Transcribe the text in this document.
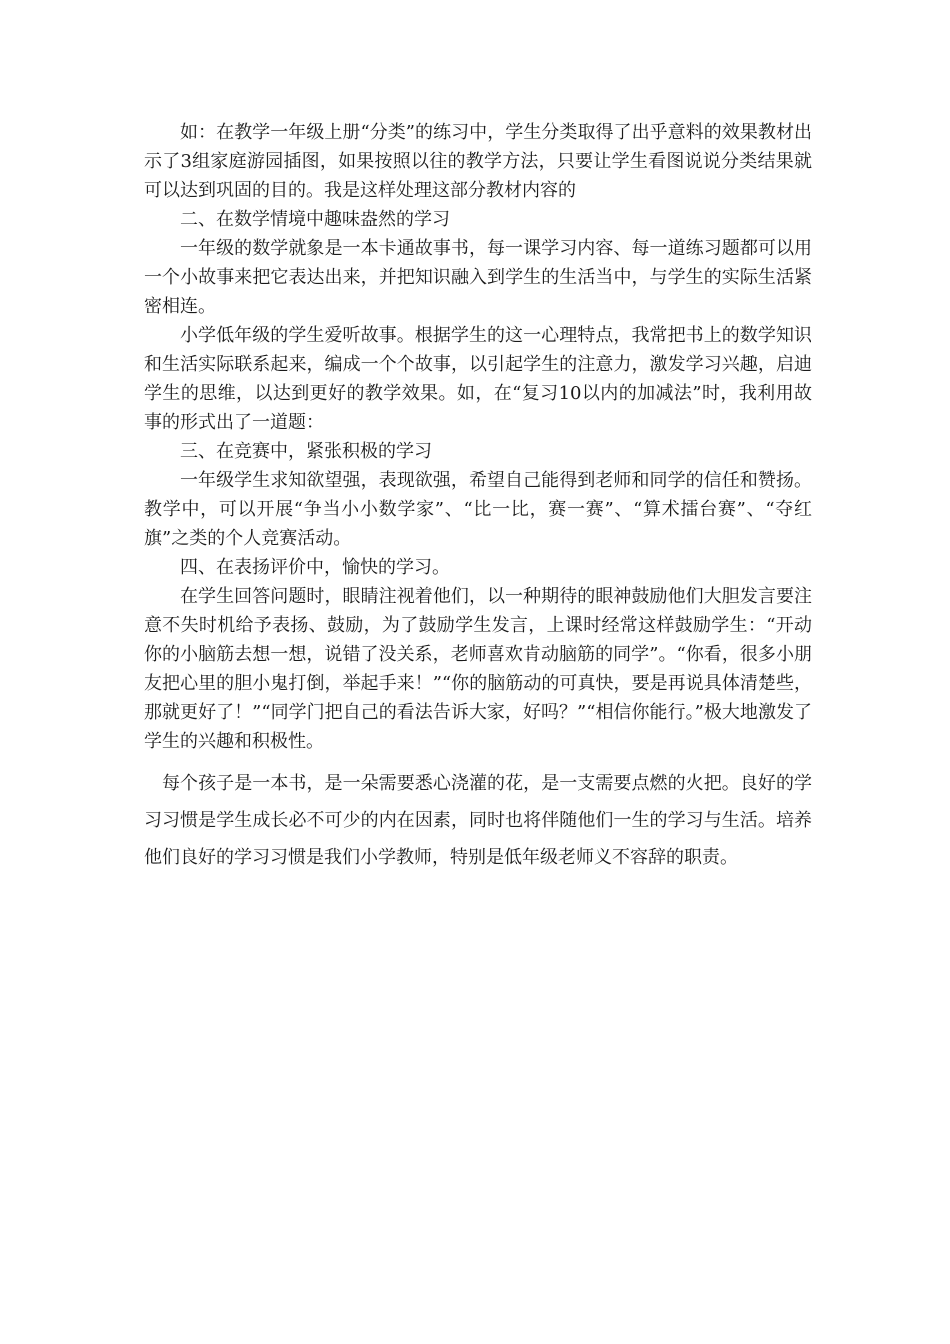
如：在教学一年级上册“分类”的练习中，学生分类取得了出乎意料的效果教材出示了3组家庭游园插图，如果按照以往的教学方法，只要让学生看图说说分类结果就可以达到巩固的目的。我是这样处理这部分教材内容的

二、在数学情境中趣味盎然的学习

一年级的数学就象是一本卡通故事书，每一课学习内容、每一道练习题都可以用一个小故事来把它表达出来，并把知识融入到学生的生活当中，与学生的实际生活紧密相连。

小学低年级的学生爱听故事。根据学生的这一心理特点，我常把书上的数学知识和生活实际联系起来，编成一个个故事，以引起学生的注意力，激发学习兴趣，启迪学生的思维，以达到更好的教学效果。如，在“复习10以内的加减法”时，我利用故事的形式出了一道题：

三、在竞赛中，紧张积极的学习

一年级学生求知欲望强，表现欲强，希望自己能得到老师和同学的信任和赞扬。教学中，可以开展“争当小小数学家”、“比一比，赛一赛”、“算术擂台赛”、“夺红旗”之类的个人竞赛活动。

四、在表扬评价中，愉快的学习。

在学生回答问题时，眼睛注视着他们，以一种期待的眼神鼓励他们大胆发言要注意不失时机给予表扬、鼓励，为了鼓励学生发言，上课时经常这样鼓励学生：“开动你的小脑筋去想一想，说错了没关系，老师喜欢肯动脑筋的同学”。“你看，很多小朋友把心里的胆小鬼打倒，举起手来！”“你的脑筋动的可真快，要是再说具体清楚些，那就更好了！”“同学门把自己的看法告诉大家，好吗？”“相信你能行。”极大地激发了学生的兴趣和积极性。

每个孩子是一本书，是一朵需要悉心浇灌的花，是一支需要点燃的火把。良好的学习习惯是学生成长必不可少的内在因素，同时也将伴随他们一生的学习与生活。培养他们良好的学习习惯是我们小学教师，特别是低年级老师义不容辞的职责。
